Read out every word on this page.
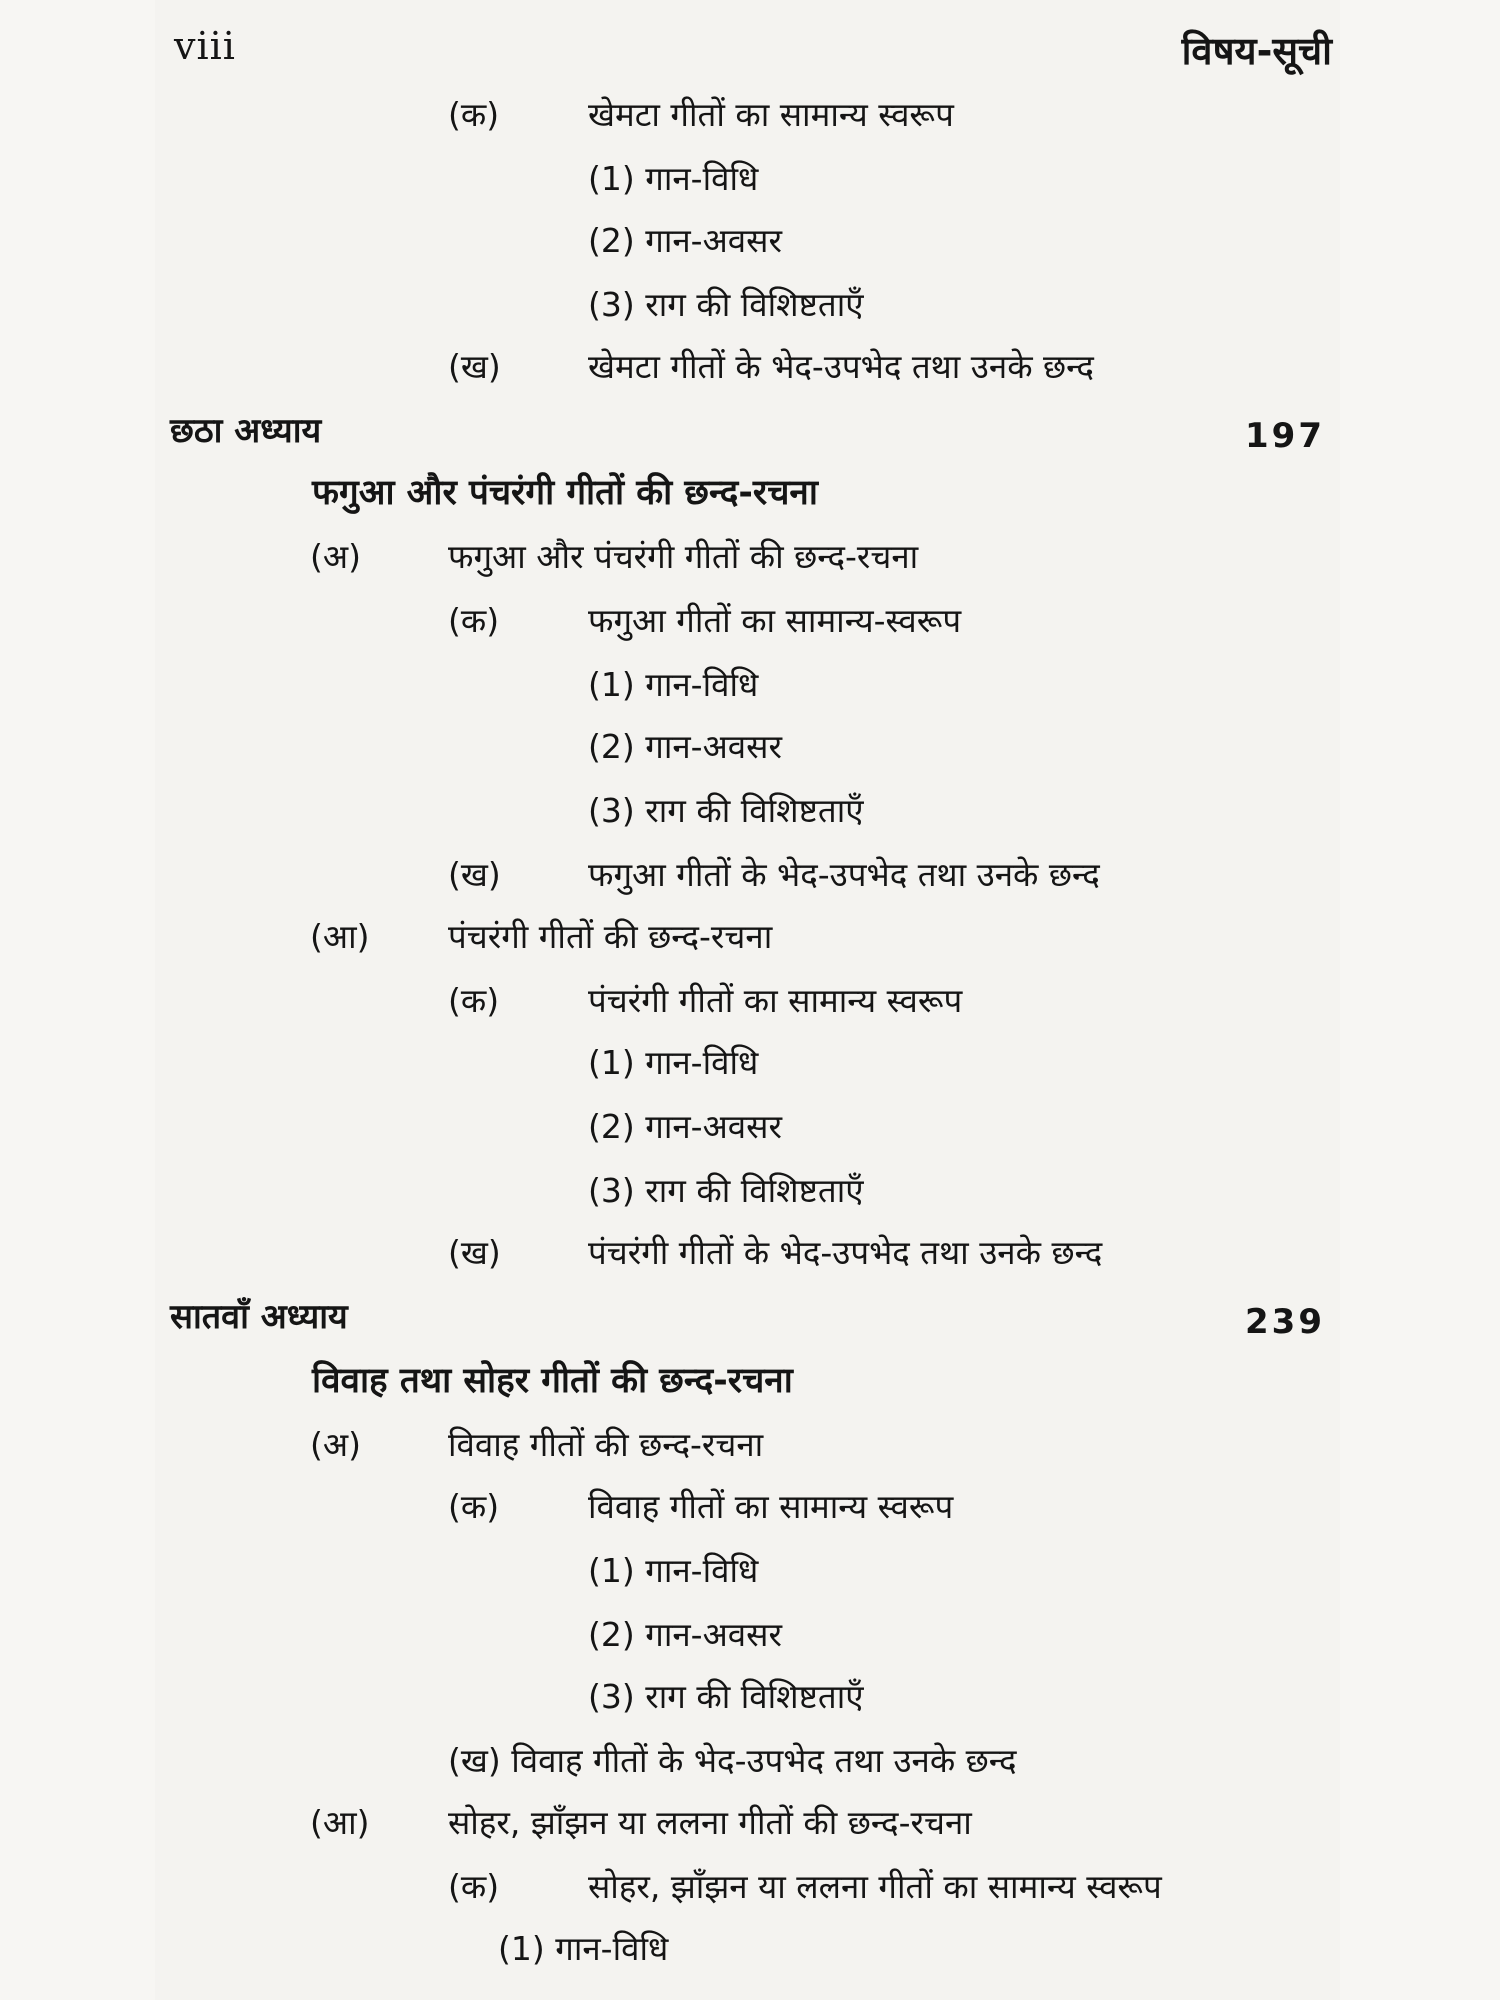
viii	विषय-सूची
(क)	खेमटा गीतों का सामान्य स्वरूप
(1) गान-विधि
(2) गान-अवसर
(3) राग की विशिष्टताएँ
(ख)	खेमटा गीतों के भेद-उपभेद तथा उनके छन्द
छठा अध्याय	197
फगुआ और पंचरंगी गीतों की छन्द-रचना
(अ)	फगुआ और पंचरंगी गीतों की छन्द-रचना
(क)	फगुआ गीतों का सामान्य-स्वरूप
(1) गान-विधि
(2) गान-अवसर
(3) राग की विशिष्टताएँ
(ख)	फगुआ गीतों के भेद-उपभेद तथा उनके छन्द
(आ) पंचरंगी गीतों की छन्द-रचना
(क)	पंचरंगी गीतों का सामान्य स्वरूप
(1) गान-विधि
(2) गान-अवसर
(3) राग की विशिष्टताएँ
(ख)	पंचरंगी गीतों के भेद-उपभेद तथा उनके छन्द
सातवाँ अध्याय	239
विवाह तथा सोहर गीतों की छन्द-रचना
(अ)	विवाह गीतों की छन्द-रचना
(क)	विवाह गीतों का सामान्य स्वरूप
(1) गान-विधि
(2) गान-अवसर
(3) राग की विशिष्टताएँ
(ख) विवाह गीतों के भेद-उपभेद तथा उनके छन्द
(आ) सोहर, झाँझन या ललना गीतों की छन्द-रचना
(क)	सोहर, झाँझन या ललना गीतों का सामान्य स्वरूप
(1) गान-विधि
